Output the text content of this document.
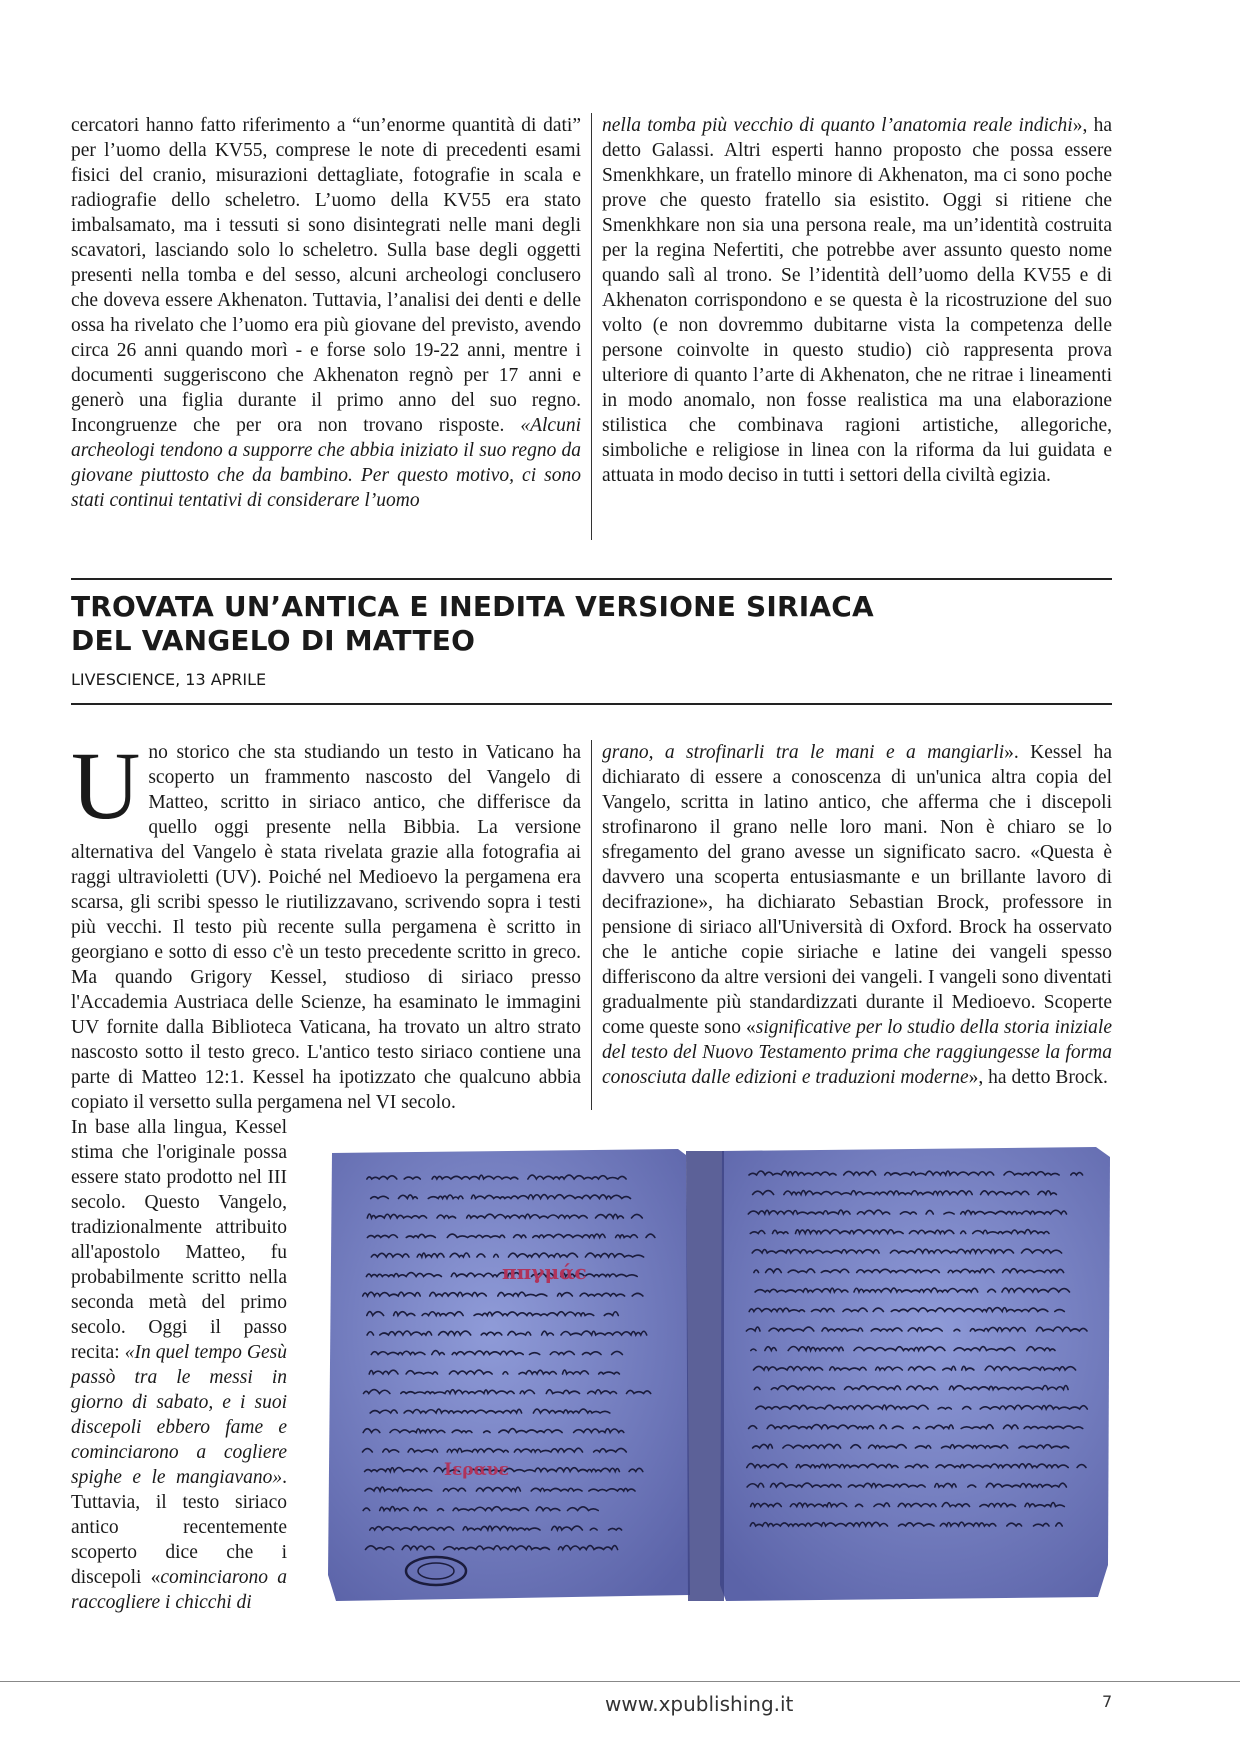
cercatori hanno fatto riferimento a “un’enorme quantità di dati” per l’uomo della KV55, comprese le note di precedenti esami fisici del cranio, misurazioni dettagliate, fotografie in scala e radiografie dello scheletro. L’uomo della KV55 era stato imbalsamato, ma i tessuti si sono disintegrati nelle mani degli scavatori, lasciando solo lo scheletro. Sulla base degli oggetti presenti nella tomba e del sesso, alcuni archeologi conclusero che doveva essere Akhenaton. Tuttavia, l’analisi dei denti e delle ossa ha rivelato che l’uomo era più giovane del previsto, avendo circa 26 anni quando morì - e forse solo 19-22 anni, mentre i documenti suggeriscono che Akhenaton regnò per 17 anni e generò una figlia durante il primo anno del suo regno. Incongruenze che per ora non trovano risposte. «Alcuni archeologi tendono a supporre che abbia iniziato il suo regno da giovane piuttosto che da bambino. Per questo motivo, ci sono stati continui tentativi di considerare l’uomo

nella tomba più vecchio di quanto l’anatomia reale indichi», ha detto Galassi. Altri esperti hanno proposto che possa essere Smenkhkare, un fratello minore di Akhenaton, ma ci sono poche prove che questo fratello sia esistito. Oggi si ritiene che Smenkhkare non sia una persona reale, ma un’identità costruita per la regina Nefertiti, che potrebbe aver assunto questo nome quando salì al trono. Se l’identità dell’uomo della KV55 e di Akhenaton corrispondono e se questa è la ricostruzione del suo volto (e non dovremmo dubitarne vista la competenza delle persone coinvolte in questo studio) ciò rappresenta prova ulteriore di quanto l’arte di Akhenaton, che ne ritrae i lineamenti in modo anomalo, non fosse realistica ma una elaborazione stilistica che combinava ragioni artistiche, allegoriche, simboliche e religiose in linea con la riforma da lui guidata e attuata in modo deciso in tutti i settori della civiltà egizia.

TROVATA UN’ANTICA E INEDITA VERSIONE SIRIACA
DEL VANGELO DI MATTEO
LIVESCIENCE, 13 APRILE
U no storico che sta studiando un testo in Vaticano ha scoperto un frammento nascosto del Vangelo di Matteo, scritto in siriaco antico, che differisce da quello oggi presente nella Bibbia. La versione alternativa del Vangelo è stata rivelata grazie alla fotografia ai raggi ultravioletti (UV). Poiché nel Medioevo la pergamena era scarsa, gli scribi spesso le riutilizzavano, scrivendo sopra i testi più vecchi. Il testo più recente sulla pergamena è scritto in georgiano e sotto di esso c'è un testo precedente scritto in greco. Ma quando Grigory Kessel, studioso di siriaco presso l'Accademia Austriaca delle Scienze, ha esaminato le immagini UV fornite dalla Biblioteca Vaticana, ha trovato un altro strato nascosto sotto il testo greco. L'antico testo siriaco contiene una parte di Matteo 12:1. Kessel ha ipotizzato che qualcuno abbia copiato il versetto sulla pergamena nel VI secolo.

grano, a strofinarli tra le mani e a mangiarli». Kessel ha dichiarato di essere a conoscenza di un'unica altra copia del Vangelo, scritta in latino antico, che afferma che i discepoli strofinarono il grano nelle loro mani. Non è chiaro se lo sfregamento del grano avesse un significato sacro. «Questa è davvero una scoperta entusiasmante e un brillante lavoro di decifrazione», ha dichiarato Sebastian Brock, professore in pensione di siriaco all'Università di Oxford. Brock ha osservato che le antiche copie siriache e latine dei vangeli spesso differiscono da altre versioni dei vangeli. I vangeli sono diventati gradualmente più standardizzati durante il Medioevo. Scoperte come queste sono «significative per lo studio della storia iniziale del testo del Nuovo Testamento prima che raggiungesse la forma conosciuta dalle edizioni e traduzioni moderne», ha detto Brock.

In base alla lingua, Kessel stima che l'originale possa essere stato prodotto nel III secolo. Questo Vangelo, tradizionalmente attribuito all'apostolo Matteo, fu probabilmente scritto nella seconda metà del primo secolo. Oggi il passo recita: «In quel tempo Gesù passò tra le messi in giorno di sabato, e i suoi discepoli ebbero fame e cominciarono a cogliere spighe e le mangiavano». Tuttavia, il testo siriaco antico recentemente scoperto dice che i discepoli «cominciarono a raccogliere i chicchi di

ππγμάc
Ιεραυε
www.xpublishing.it	7
